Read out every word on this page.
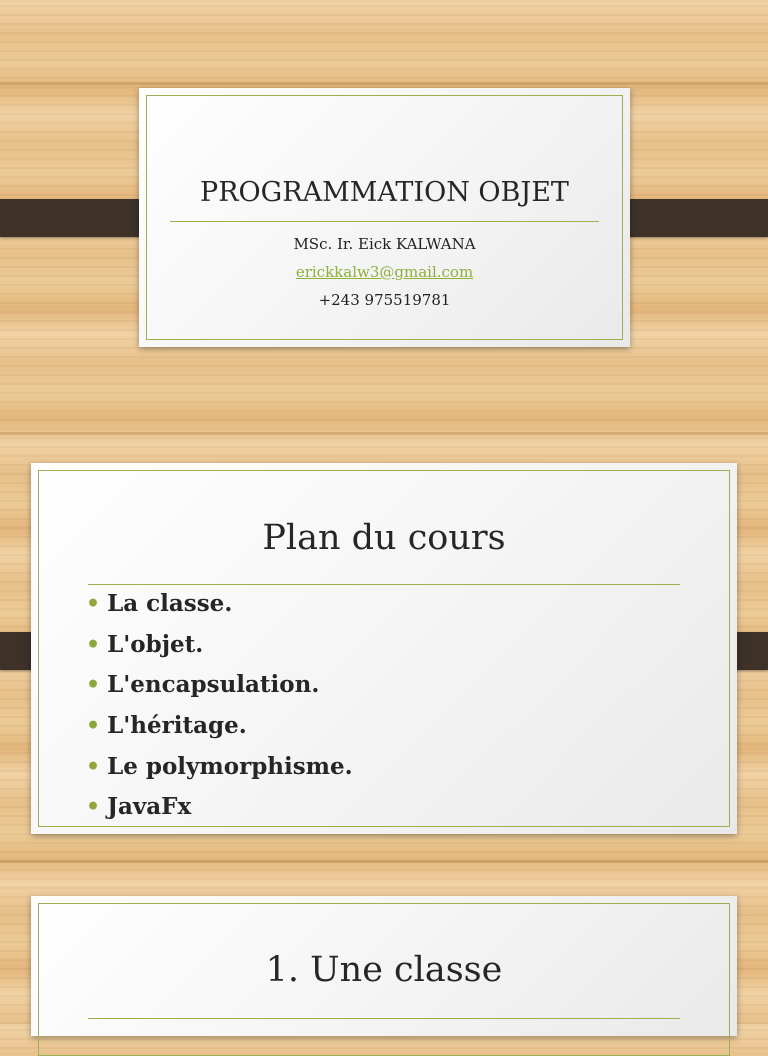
PROGRAMMATION OBJET
MSc. Ir. Eick KALWANA
erickkalw3@gmail.com
+243 975519781
Plan du cours
• La classe.
• L'objet.
• L'encapsulation.
• L'héritage.
• Le polymorphisme.
• JavaFx
1. Une classe
